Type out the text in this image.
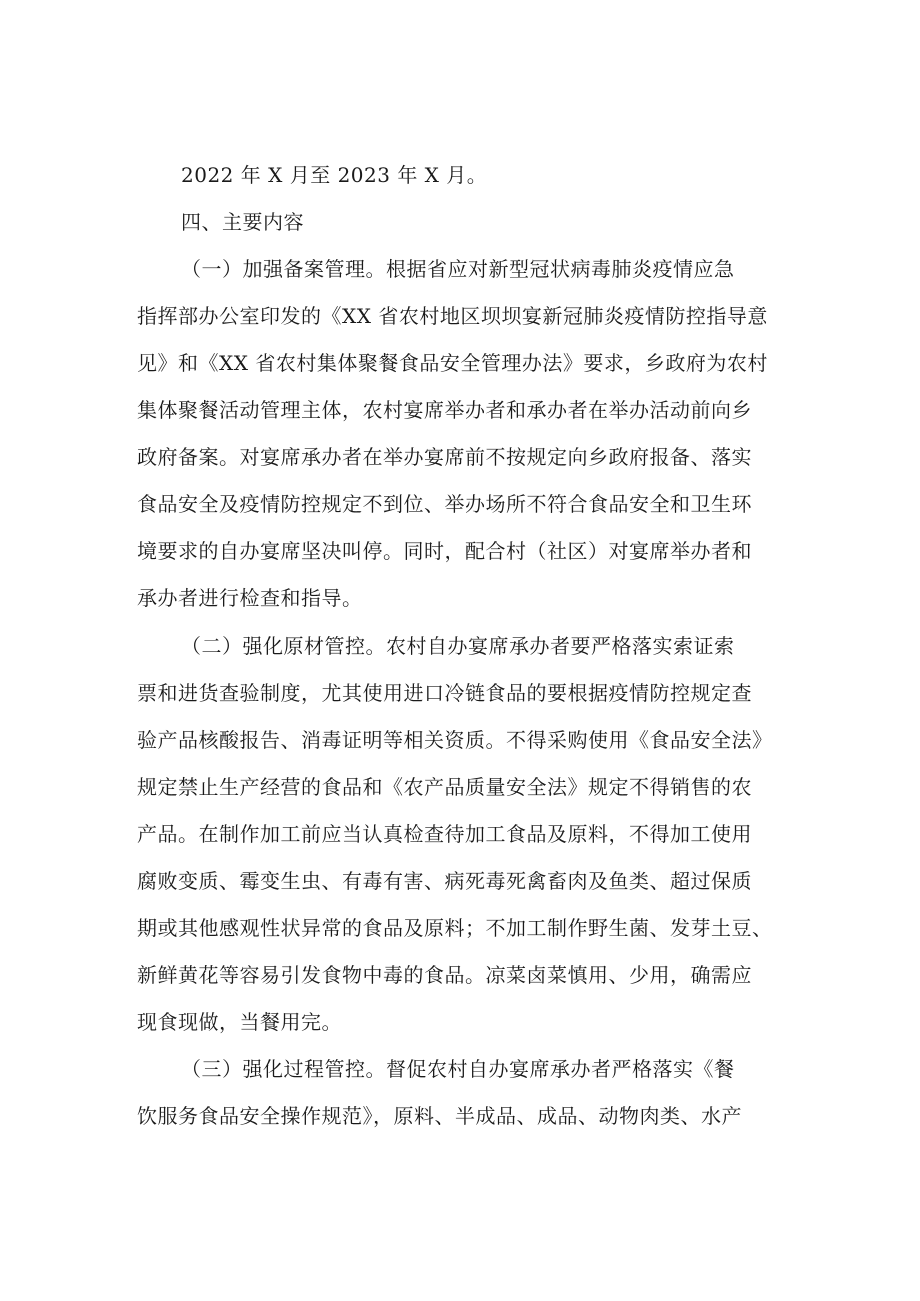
2022 年 X 月至 2023 年 X 月。
四、主要内容
（一）加强备案管理。根据省应对新型冠状病毒肺炎疫情应急
指挥部办公室印发的《XX 省农村地区坝坝宴新冠肺炎疫情防控指导意
见》和《XX 省农村集体聚餐食品安全管理办法》要求，乡政府为农村
集体聚餐活动管理主体，农村宴席举办者和承办者在举办活动前向乡
政府备案。对宴席承办者在举办宴席前不按规定向乡政府报备、落实
食品安全及疫情防控规定不到位、举办场所不符合食品安全和卫生环
境要求的自办宴席坚决叫停。同时，配合村（社区）对宴席举办者和
承办者进行检查和指导。
（二）强化原材管控。农村自办宴席承办者要严格落实索证索
票和进货查验制度，尤其使用进口冷链食品的要根据疫情防控规定查
验产品核酸报告、消毒证明等相关资质。不得采购使用《食品安全法》
规定禁止生产经营的食品和《农产品质量安全法》规定不得销售的农
产品。在制作加工前应当认真检查待加工食品及原料，不得加工使用
腐败变质、霉变生虫、有毒有害、病死毒死禽畜肉及鱼类、超过保质
期或其他感观性状异常的食品及原料；不加工制作野生菌、发芽土豆、
新鲜黄花等容易引发食物中毒的食品。凉菜卤菜慎用、少用，确需应
现食现做，当餐用完。
（三）强化过程管控。督促农村自办宴席承办者严格落实《餐
饮服务食品安全操作规范》，原料、半成品、成品、动物肉类、水产
